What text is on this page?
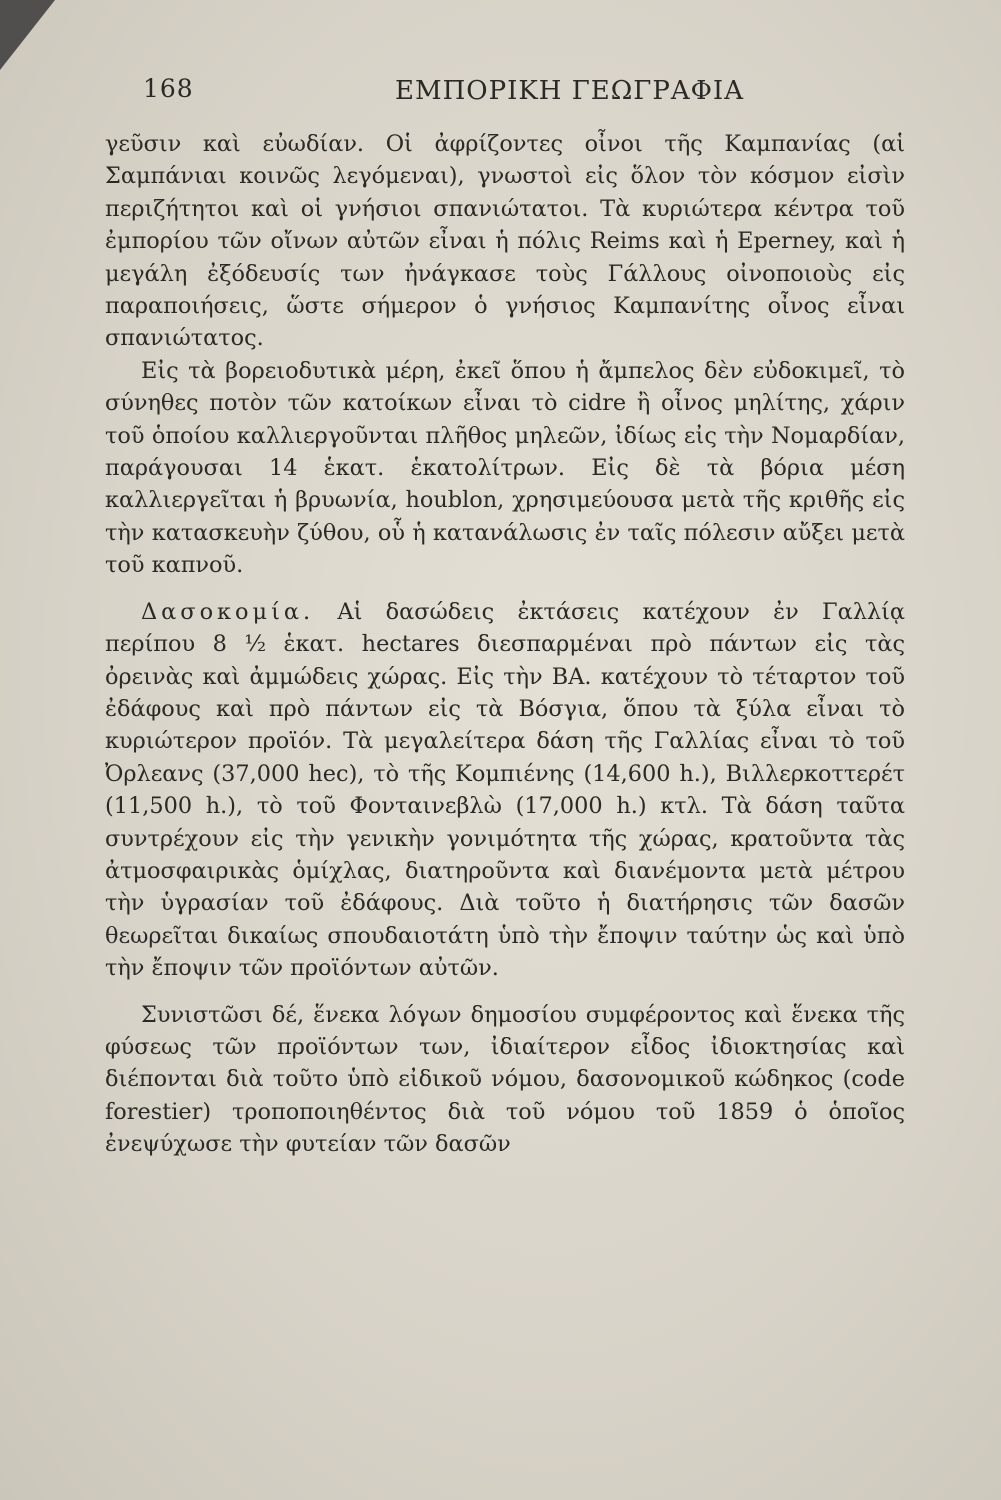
168	ΕΜΠΟΡΙΚΗ ΓΕΩΓΡΑΦΙΑ

γεῦσιν καὶ εὐωδίαν. Οἱ ἀφρίζοντες οἶνοι τῆς Καμπανίας (αἱ Σαμπάνιαι κοινῶς λεγόμεναι), γνωστοὶ εἰς ὅλον τὸν κόσμον εἰσὶν περιζήτητοι καὶ οἱ γνήσιοι σπανιώτατοι. Τὰ κυριώτερα κέντρα τοῦ ἐμπορίου τῶν οἴνων αὐτῶν εἶναι ἡ πόλις Reims καὶ ἡ Eperney, καὶ ἡ μεγάλη ἐξόδευσίς των ἠνάγκασε τοὺς Γάλλους οἰνοποιοὺς εἰς παραποιήσεις, ὥστε σήμερον ὁ γνήσιος Καμπανίτης οἶνος εἶναι σπανιώτατος.

Εἰς τὰ βορειοδυτικὰ μέρη, ἐκεῖ ὅπου ἡ ἄμπελος δὲν εὐδοκιμεῖ, τὸ σύνηθες ποτὸν τῶν κατοίκων εἶναι τὸ cidre ἢ οἶνος μηλίτης, χάριν τοῦ ὁποίου καλλιεργοῦνται πλῆθος μηλεῶν, ἰδίως εἰς τὴν Νομαρδίαν, παράγουσαι 14 ἑκατ. ἑκατολίτρων. Εἰς δὲ τὰ βόρια μέση καλλιεργεῖται ἡ βρυωνία, houblon, χρησιμεύουσα μετὰ τῆς κριθῆς εἰς τὴν κατασκευὴν ζύθου, οὗ ἡ κατανάλωσις ἐν ταῖς πόλεσιν αὔξει μετὰ τοῦ καπνοῦ.

Δασοκομία. Αἱ δασώδεις ἐκτάσεις κατέχουν ἐν Γαλλίᾳ περίπου 8 ½ ἑκατ. hectares διεσπαρμέναι πρὸ πάντων εἰς τὰς ὀρεινὰς καὶ ἀμμώδεις χώρας. Εἰς τὴν ΒΑ. κατέχουν τὸ τέταρτον τοῦ ἐδάφους καὶ πρὸ πάντων εἰς τὰ Βόσγια, ὅπου τὰ ξύλα εἶναι τὸ κυριώτερον προϊόν. Τὰ μεγαλείτερα δάση τῆς Γαλλίας εἶναι τὸ τοῦ Ὀρλεανς (37,000 hec), τὸ τῆς Κομπιένης (14,600 h.), Βιλλερκοττερέτ (11,500 h.), τὸ τοῦ Φονταινεβλὼ (17,000 h.) κτλ. Τὰ δάση ταῦτα συντρέχουν εἰς τὴν γενικὴν γονιμότητα τῆς χώρας, κρατοῦντα τὰς ἀτμοσφαιρικὰς ὁμίχλας, διατηροῦντα καὶ διανέμοντα μετὰ μέτρου τὴν ὑγρασίαν τοῦ ἐδάφους. Διὰ τοῦτο ἡ διατήρησις τῶν δασῶν θεωρεῖται δικαίως σπουδαιοτάτη ὑπὸ τὴν ἔποψιν ταύτην ὡς καὶ ὑπὸ τὴν ἔποψιν τῶν προϊόντων αὐτῶν.

Συνιστῶσι δέ, ἕνεκα λόγων δημοσίου συμφέροντος καὶ ἕνεκα τῆς φύσεως τῶν προϊόντων των, ἰδιαίτερον εἶδος ἰδιοκτησίας καὶ διέπονται διὰ τοῦτο ὑπὸ εἰδικοῦ νόμου, δασονομικοῦ κώδηκος (code forestier) τροποποιηθέντος διὰ τοῦ νόμου τοῦ 1859 ὁ ὁποῖος ἐνεψύχωσε τὴν φυτείαν τῶν δασῶν
